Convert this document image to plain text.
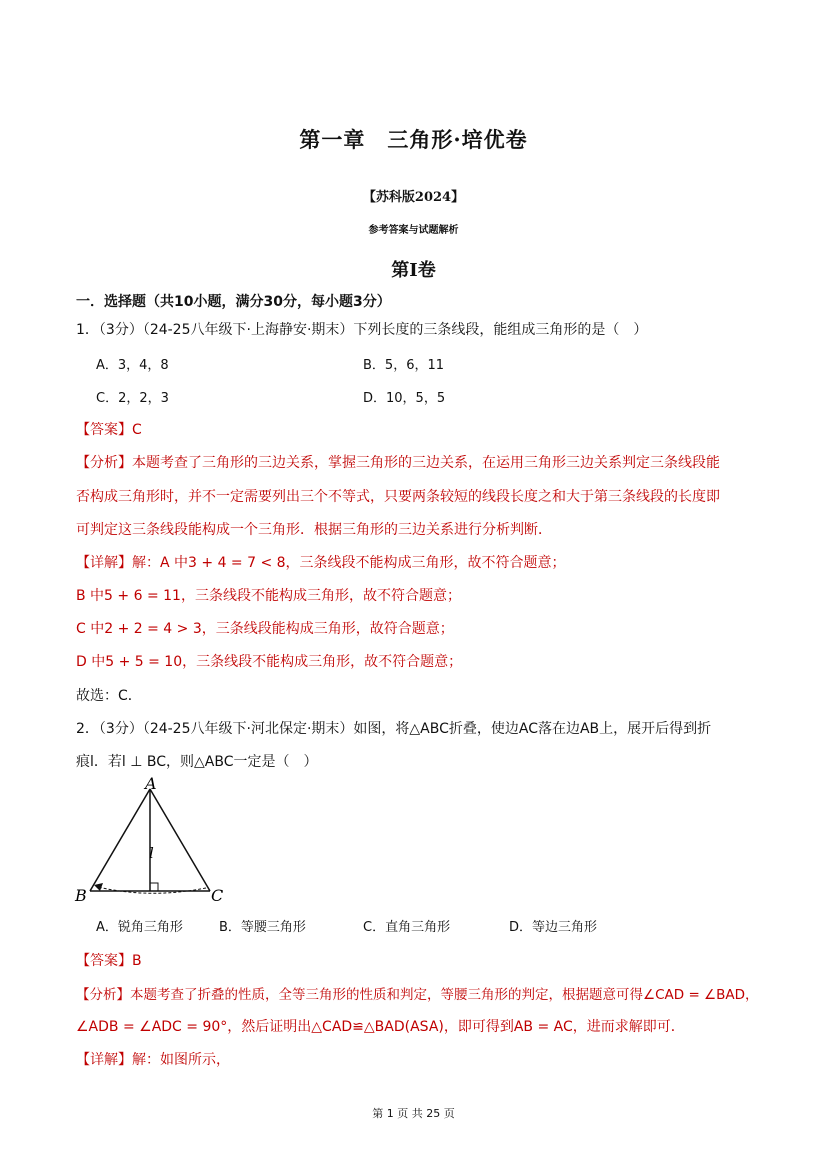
第一章　三角形·培优卷
【苏科版2024】
参考答案与试题解析
第I卷
一．选择题（共10小题，满分30分，每小题3分）
1．（3分）（24-25八年级下·上海静安·期末）下列长度的三条线段，能组成三角形的是（　）
A．3，4，8	B．5，6，11
C．2，2，3	D．10，5，5
【答案】C
【分析】本题考查了三角形的三边关系，掌握三角形的三边关系，在运用三角形三边关系判定三条线段能
否构成三角形时，并不一定需要列出三个不等式，只要两条较短的线段长度之和大于第三条线段的长度即
可判定这三条线段能构成一个三角形．根据三角形的三边关系进行分析判断．
【详解】解：A 中3 + 4 = 7 < 8，三条线段不能构成三角形，故不符合题意；
B 中5 + 6 = 11，三条线段不能构成三角形，故不符合题意；
C 中2 + 2 = 4 > 3，三条线段能构成三角形，故符合题意；
D 中5 + 5 = 10，三条线段不能构成三角形，故不符合题意；
故选：C．
2．（3分）（24-25八年级下·河北保定·期末）如图，将△ABC折叠，使边AC落在边AB上，展开后得到折
痕l．若l ⊥ BC，则△ABC一定是（　）
A
B	C
l
A．锐角三角形	B．等腰三角形	C．直角三角形	D．等边三角形
【答案】B
【分析】本题考查了折叠的性质，全等三角形的性质和判定，等腰三角形的判定，根据题意可得∠CAD = ∠BAD，
∠ADB = ∠ADC = 90°，然后证明出△CAD≌△BAD(ASA)，即可得到AB = AC，进而求解即可．
【详解】解：如图所示，
第 1 页 共 25 页
